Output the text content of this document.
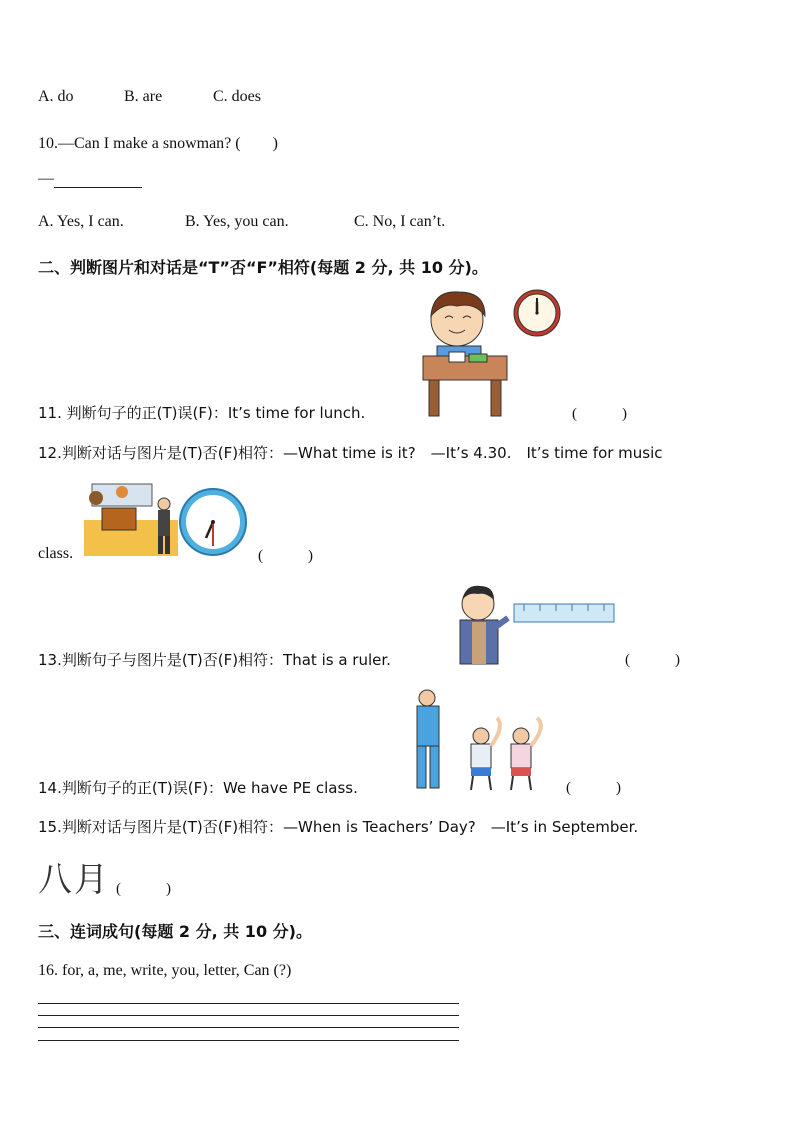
A. do	B. are	C. does
10.—Can I make a snowman? (　　)
—
A. Yes, I can.	B. Yes, you can.	C. No, I can’t.
二、判断图片和对话是“T”否“F”相符(每题 2 分, 共 10 分)。
11. 判断句子的正(T)误(F)：It’s time for lunch.	(　　　)
12.判断对话与图片是(T)否(F)相符：—What time is it?　—It’s 4.30.　It’s time for music
class.	(　　　)
13.判断句子与图片是(T)否(F)相符：That is a ruler.	(　　　)
14.判断句子的正(T)误(F)：We have PE class.	(　　　)
15.判断对话与图片是(T)否(F)相符：—When is Teachers’ Day?　—It’s in September.
八月 (　　　)
三、连词成句(每题 2 分, 共 10 分)。
16. for, a, me, write, you, letter, Can (?)
